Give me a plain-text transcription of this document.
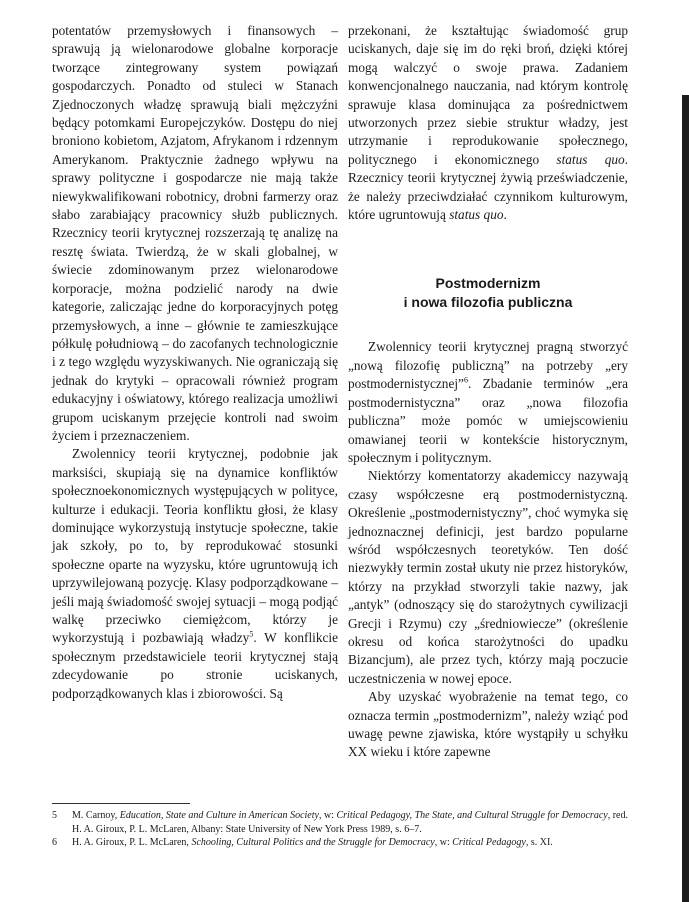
potentatów przemysłowych i finansowych – sprawują ją wielonarodowe globalne korporacje tworzące zintegrowany system powiązań gospodarczych. Ponadto od stuleci w Stanach Zjednoczonych władzę sprawują biali mężczyźni będący potomkami Europejczyków. Dostępu do niej broniono kobietom, Azjatom, Afrykanom i rdzennym Amerykanom. Praktycznie żadnego wpływu na sprawy polityczne i gospodarcze nie mają także niewykwalifikowani robotnicy, drobni farmerzy oraz słabo zarabiający pracownicy służb publicznych. Rzecznicy teorii krytycznej rozszerzają tę analizę na resztę świata. Twierdzą, że w skali globalnej, w świecie zdominowanym przez wielonarodowe korporacje, można podzielić narody na dwie kategorie, zaliczając jedne do korporacyjnych potęg przemysłowych, a inne – głównie te zamieszkujące półkulę południową – do zacofanych technologicznie i z tego względu wyzyskiwanych. Nie ograniczają się jednak do krytyki – opracowali również program edukacyjny i oświatowy, którego realizacja umożliwi grupom uciskanym przejęcie kontroli nad swoim życiem i przeznaczeniem.

Zwolennicy teorii krytycznej, podobnie jak marksiści, skupiają się na dynamice konfliktów społecznoekonomicznych występujących w polityce, kulturze i edukacji. Teoria konfliktu głosi, że klasy dominujące wykorzystują instytucje społeczne, takie jak szkoły, po to, by reprodukować stosunki społeczne oparte na wyzysku, które ugruntowują ich uprzywilejowaną pozycję. Klasy podporządkowane – jeśli mają świadomość swojej sytuacji – mogą podjąć walkę przeciwko ciemiężcom, którzy je wykorzystują i pozbawiają władzy$^5$. W konflikcie społecznym przedstawiciele teorii krytycznej stają zdecydowanie po stronie uciskanych, podporządkowanych klas i zbiorowości. Są

przekonani, że kształtując świadomość grup uciskanych, daje się im do ręki broń, dzięki której mogą walczyć o swoje prawa. Zadaniem konwencjonalnego nauczania, nad którym kontrolę sprawuje klasa dominująca za pośrednictwem utworzonych przez siebie struktur władzy, jest utrzymanie i reprodukowanie społecznego, politycznego i ekonomicznego status quo. Rzecznicy teorii krytycznej żywią przeświadczenie, że należy przeciwdziałać czynnikom kulturowym, które ugruntowują status quo.

Postmodernizm
i nowa filozofia publiczna

Zwolennicy teorii krytycznej pragną stworzyć „nową filozofię publiczną” na potrzeby „ery postmodernistycznej”$^6$. Zbadanie terminów „era postmodernistyczna” oraz „nowa filozofia publiczna” może pomóc w umiejscowieniu omawianej teorii w kontekście historycznym, społecznym i politycznym.

Niektórzy komentatorzy akademiccy nazywają czasy współczesne erą postmodernistyczną. Określenie „postmodernistyczny”, choć wymyka się jednoznacznej definicji, jest bardzo popularne wśród współczesnych teoretyków. Ten dość niezwykły termin został ukuty nie przez historyków, którzy na przykład stworzyli takie nazwy, jak „antyk” (odnoszący się do starożytnych cywilizacji Grecji i Rzymu) czy „średniowiecze” (określenie okresu od końca starożytności do upadku Bizancjum), ale przez tych, którzy mają poczucie uczestniczenia w nowej epoce.

Aby uzyskać wyobrażenie na temat tego, co oznacza termin „postmodernizm”, należy wziąć pod uwagę pewne zjawiska, które wystąpiły u schyłku XX wieku i które zapewne

5 M. Carnoy, Education, State and Culture in American Society, w: Critical Pedagogy, The State, and Cultural Struggle for Democracy, red. H. A. Giroux, P. L. McLaren, Albany: State University of New York Press 1989, s. 6–7.
6 H. A. Giroux, P. L. McLaren, Schooling, Cultural Politics and the Struggle for Democracy, w: Critical Pedagogy, s. XI.
